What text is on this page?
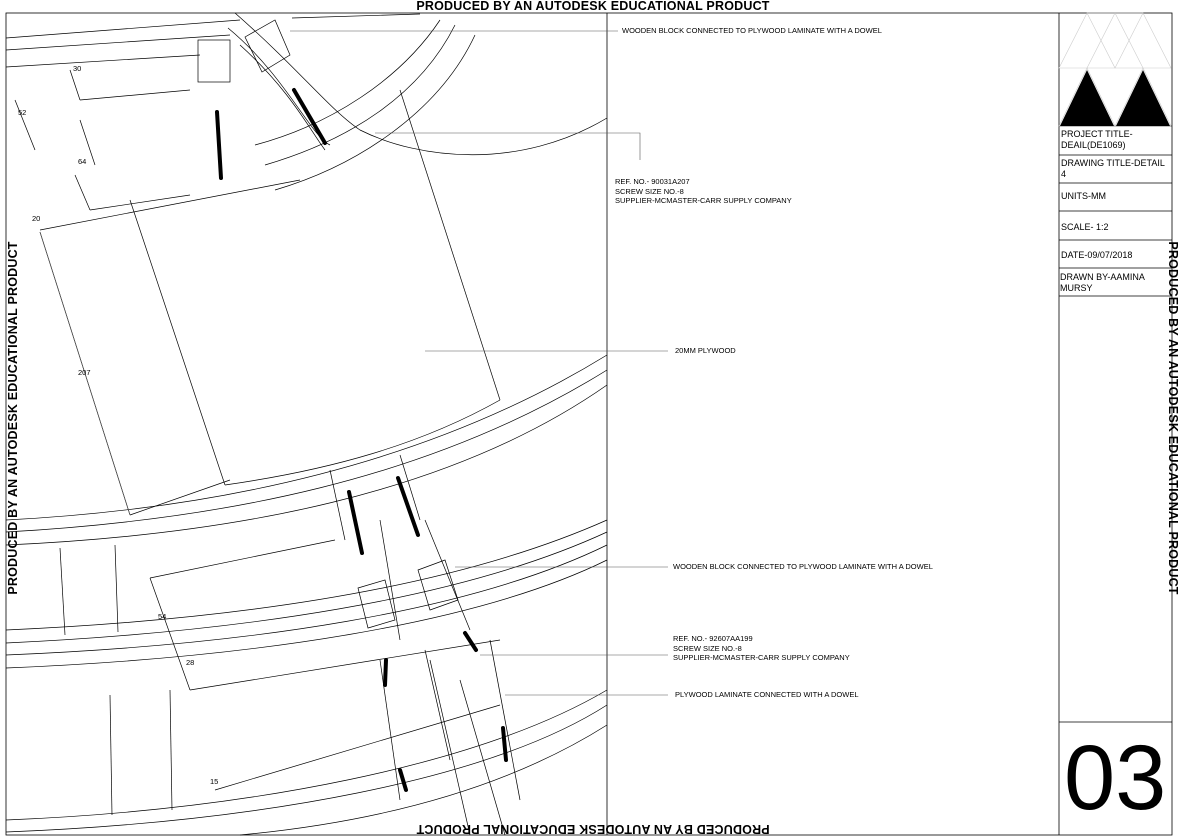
PRODUCED BY AN AUTODESK EDUCATIONAL PRODUCT
PRODUCED BY AN AUTODESK EDUCATIONAL PRODUCT
PRODUCED BY AN AUTODESK EDUCATIONAL PRODUCT	PRODUCED BY AN AUTODESK EDUCATIONAL PRODUCT
PROJECT TITLE-DEAIL(DE1069)
DRAWING TITLE-DETAIL 4
UNITS-MM
SCALE- 1:2
DATE-09/07/2018
DRAWN BY-AAMINA MURSY
03
WOODEN BLOCK CONNECTED TO PLYWOOD LAMINATE WITH A DOWEL
REF. NO.- 90031A207
SCREW SIZE NO.-8
SUPPLIER-MCMASTER-CARR SUPPLY COMPANY
20MM PLYWOOD
WOODEN BLOCK CONNECTED TO PLYWOOD LAMINATE WITH A DOWEL
REF. NO.- 92607AA199
SCREW SIZE NO.-8
SUPPLIER-MCMASTER-CARR SUPPLY COMPANY
PLYWOOD LAMINATE CONNECTED WITH A DOWEL
30
52
64
20
207
54
28
15
